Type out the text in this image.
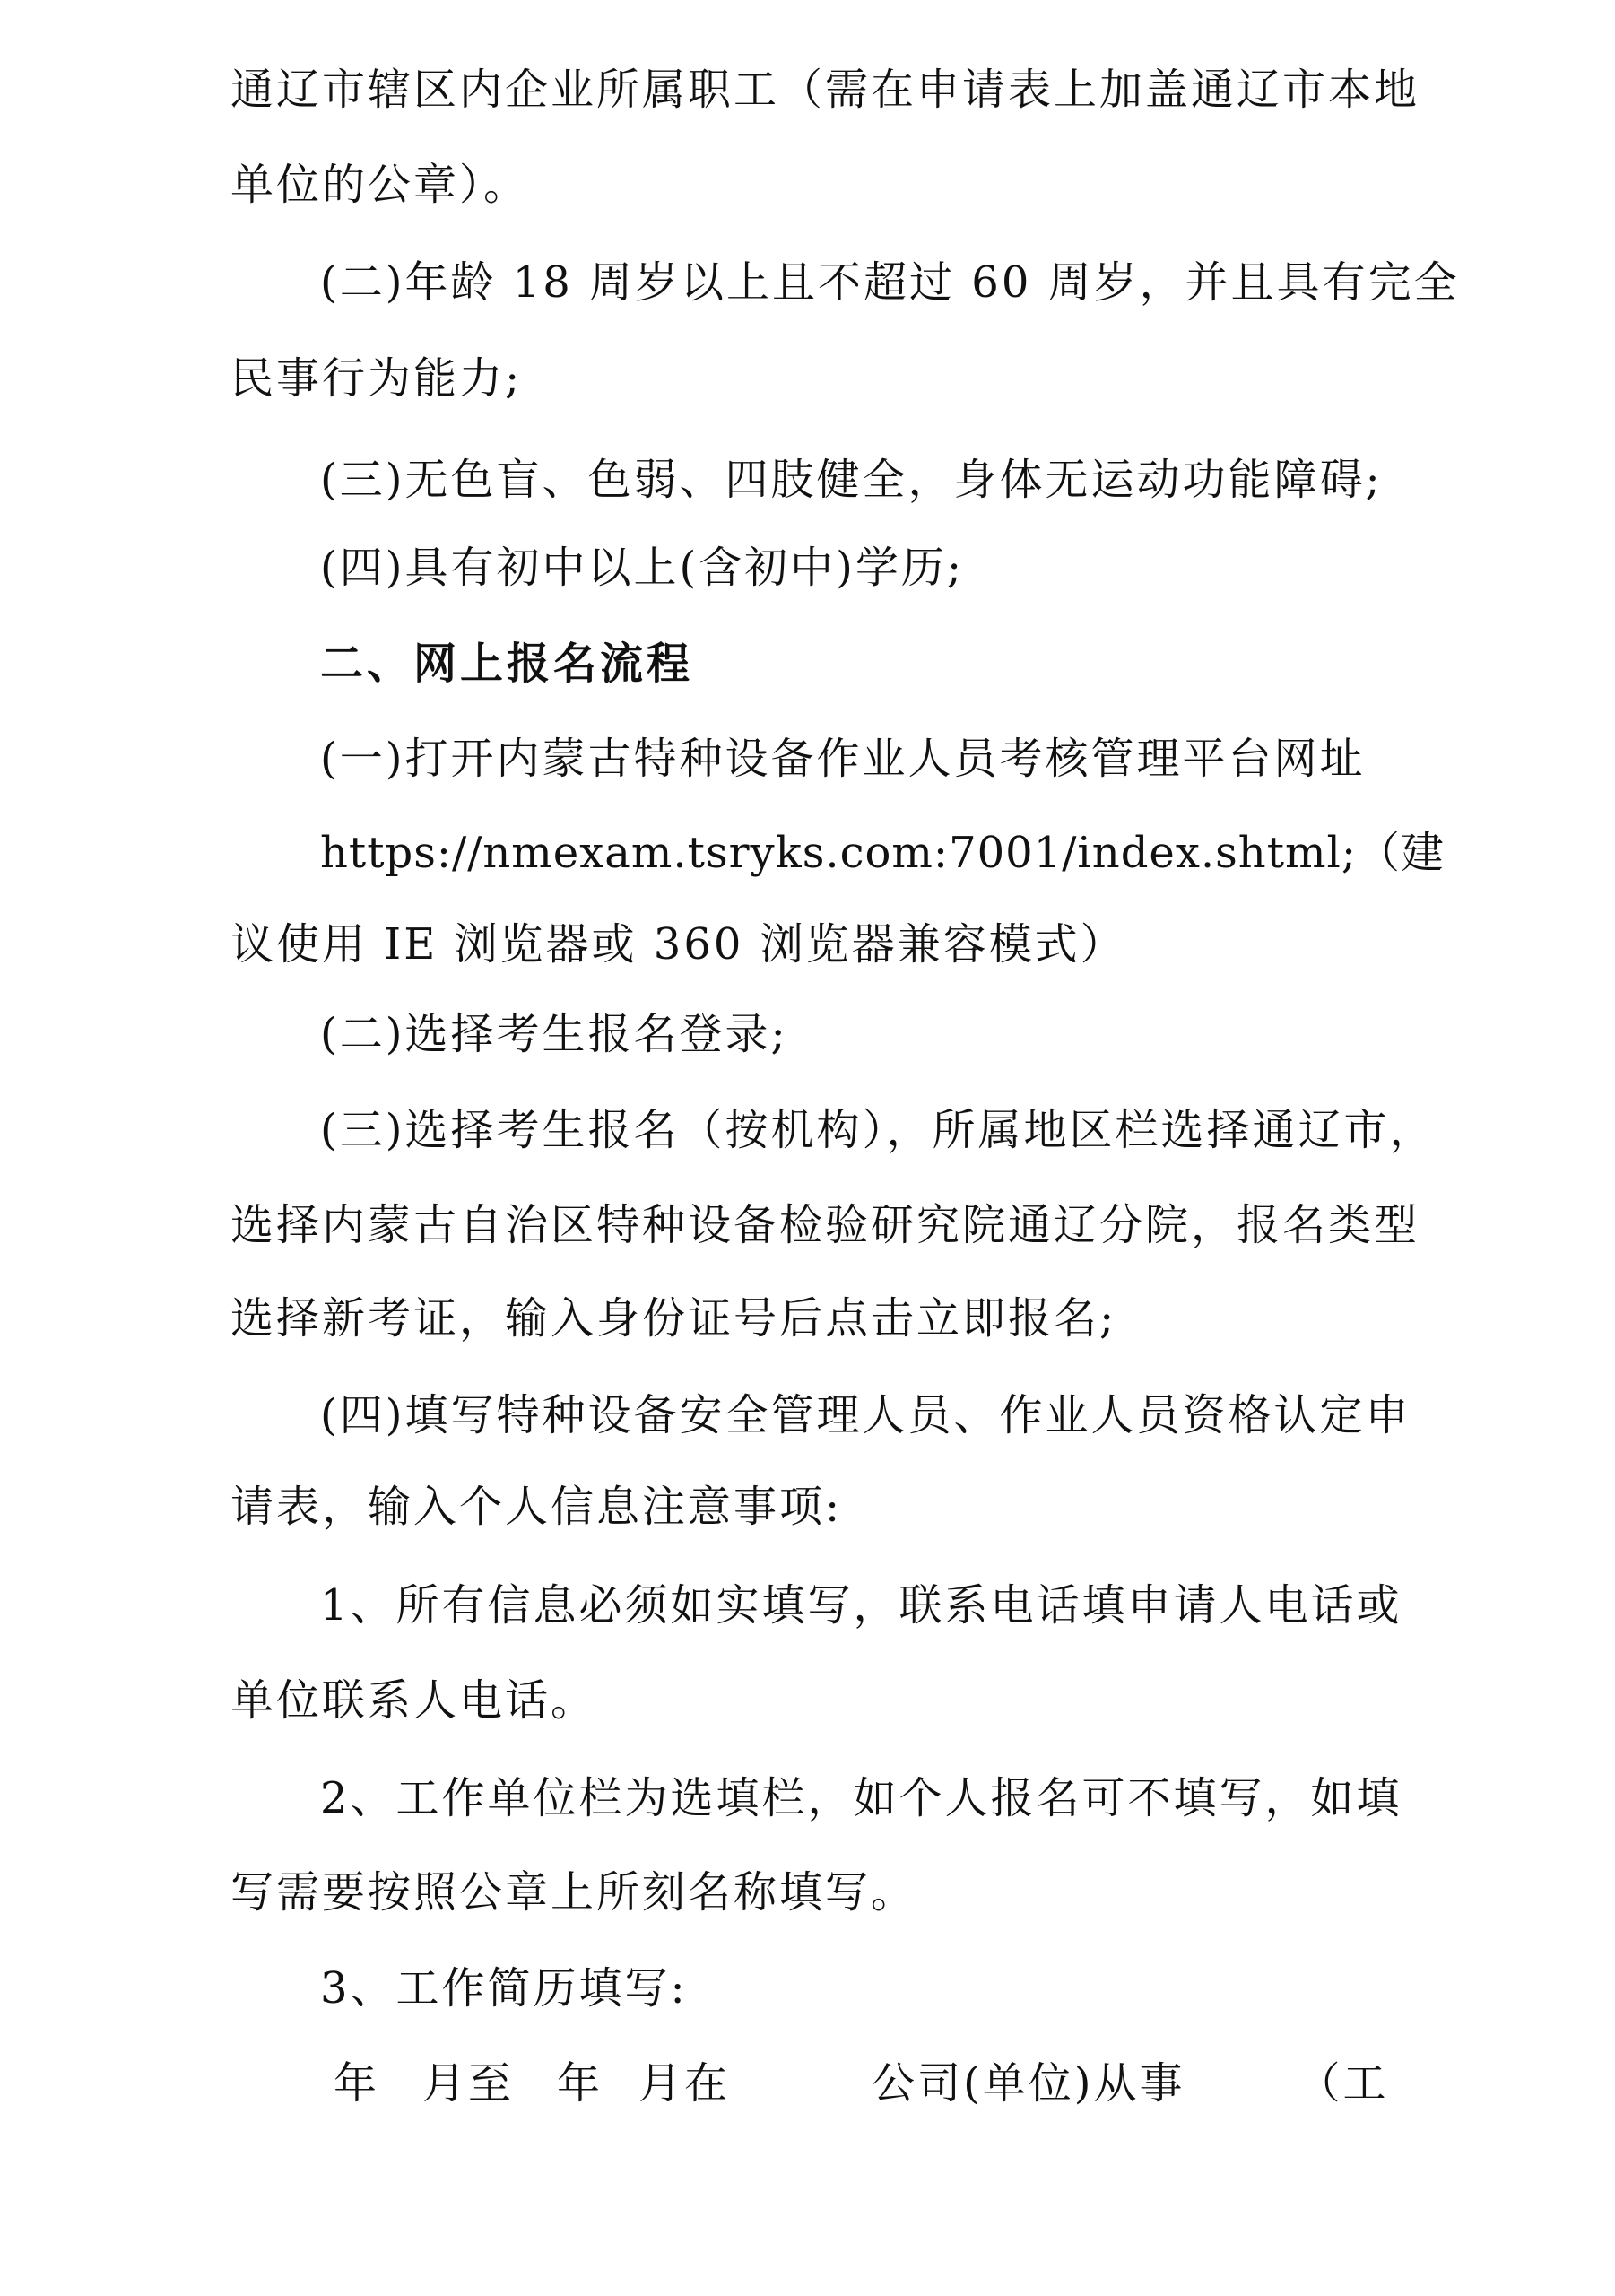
通辽市辖区内企业所属职工（需在申请表上加盖通辽市本地
单位的公章）。
(二)年龄 18 周岁以上且不超过 60 周岁，并且具有完全
民事行为能力;
(三)无色盲、色弱、四肢健全，身体无运动功能障碍;
(四)具有初中以上(含初中)学历;
二、网上报名流程
(一)打开内蒙古特种设备作业人员考核管理平台网址
https://nmexam.tsryks.com:7001/index.shtml;（建
议使用 IE 浏览器或 360 浏览器兼容模式）
(二)选择考生报名登录;
(三)选择考生报名（按机构），所属地区栏选择通辽市，
选择内蒙古自治区特种设备检验研究院通辽分院，报名类型
选择新考证，输入身份证号后点击立即报名;
(四)填写特种设备安全管理人员、作业人员资格认定申
请表，输入个人信息注意事项:
1、所有信息必须如实填写，联系电话填申请人电话或
单位联系人电话。
2、工作单位栏为选填栏，如个人报名可不填写，如填
写需要按照公章上所刻名称填写。
3、工作简历填写:
年 月至 年 月在	公司(单位)从事	（工
